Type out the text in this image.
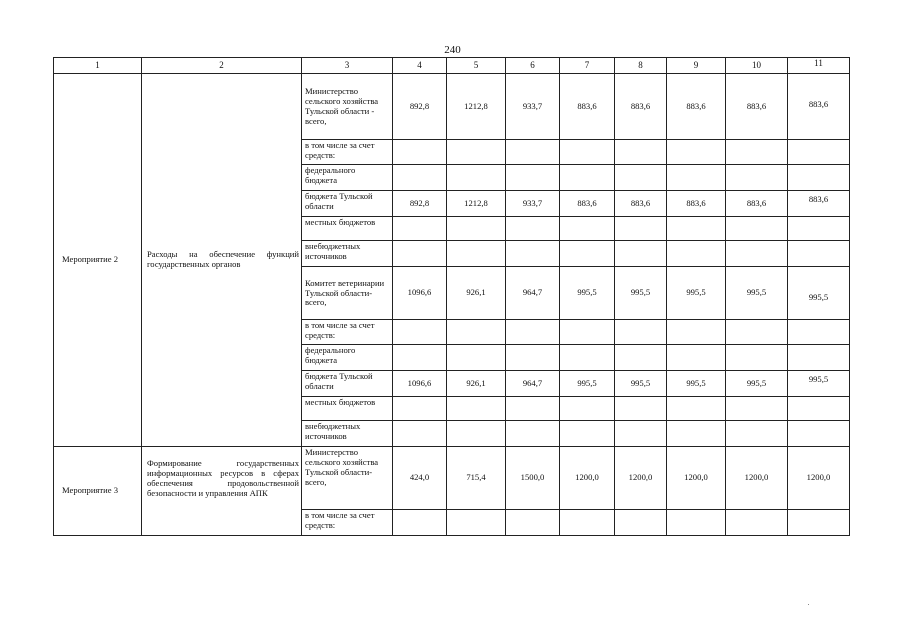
240
1	2	3	4	5	6	7	8	9	10	11
Мероприятие 2	Расходы на обеспечение функций государственных органов	Министерство сельского хозяйства Тульской области - всего,	892,8	1212,8	933,7	883,6	883,6	883,6	883,6	883,6
		в том числе за счет средств:								
		федерального бюджета								
		бюджета Тульской области	892,8	1212,8	933,7	883,6	883,6	883,6	883,6	883,6
		местных бюджетов								
		внебюджетных источников								
		Комитет ветеринарии Тульской области-всего,	1096,6	926,1	964,7	995,5	995,5	995,5	995,5	995,5
		в том числе за счет средств:								
		федерального бюджета								
		бюджета Тульской области	1096,6	926,1	964,7	995,5	995,5	995,5	995,5	995,5
		местных бюджетов								
		внебюджетных источников								
Мероприятие 3	Формирование государственных информационных ресурсов в сферах обеспечения продовольственной безопасности и управления АПК	Министерство сельского хозяйства Тульской области-всего,	424,0	715,4	1500,0	1200,0	1200,0	1200,0	1200,0	1200,0
		в том числе за счет средств:								
